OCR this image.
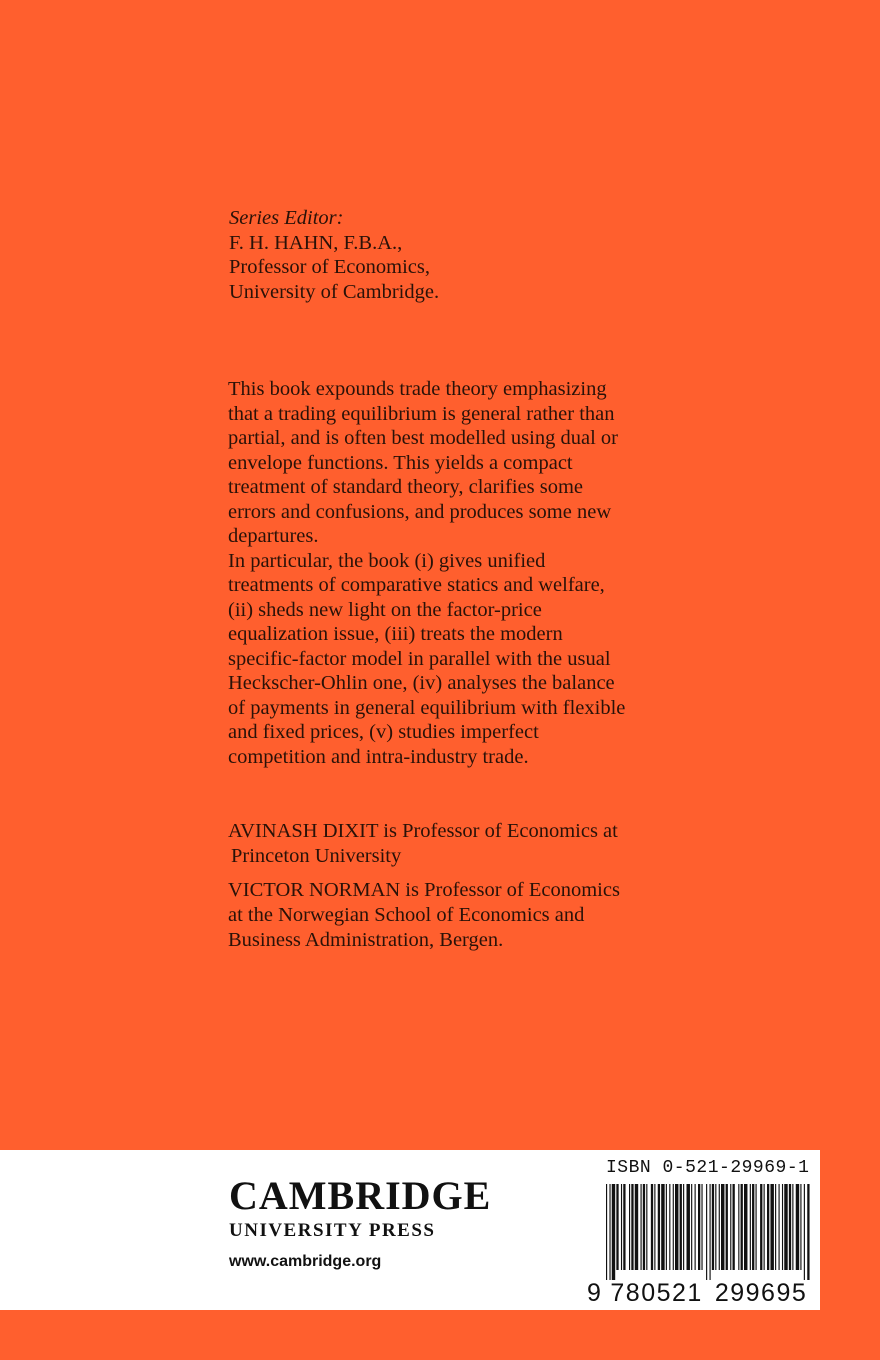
Series Editor:
F. H. HAHN, F.B.A.,
Professor of Economics,
University of Cambridge.
This book expounds trade theory emphasizing
that a trading equilibrium is general rather than
partial, and is often best modelled using dual or
envelope functions. This yields a compact
treatment of standard theory, clarifies some
errors and confusions, and produces some new
departures.
In particular, the book (i) gives unified
treatments of comparative statics and welfare,
(ii) sheds new light on the factor-price
equalization issue, (iii) treats the modern
specific-factor model in parallel with the usual
Heckscher-Ohlin one, (iv) analyses the balance
of payments in general equilibrium with flexible
and fixed prices, (v) studies imperfect
competition and intra-industry trade.
AVINASH DIXIT is Professor of Economics at
Princeton University
VICTOR NORMAN is Professor of Economics
at the Norwegian School of Economics and
Business Administration, Bergen.
CAMBRIDGE
UNIVERSITY PRESS
www.cambridge.org
ISBN 0-521-29969-1
9 780521 299695
